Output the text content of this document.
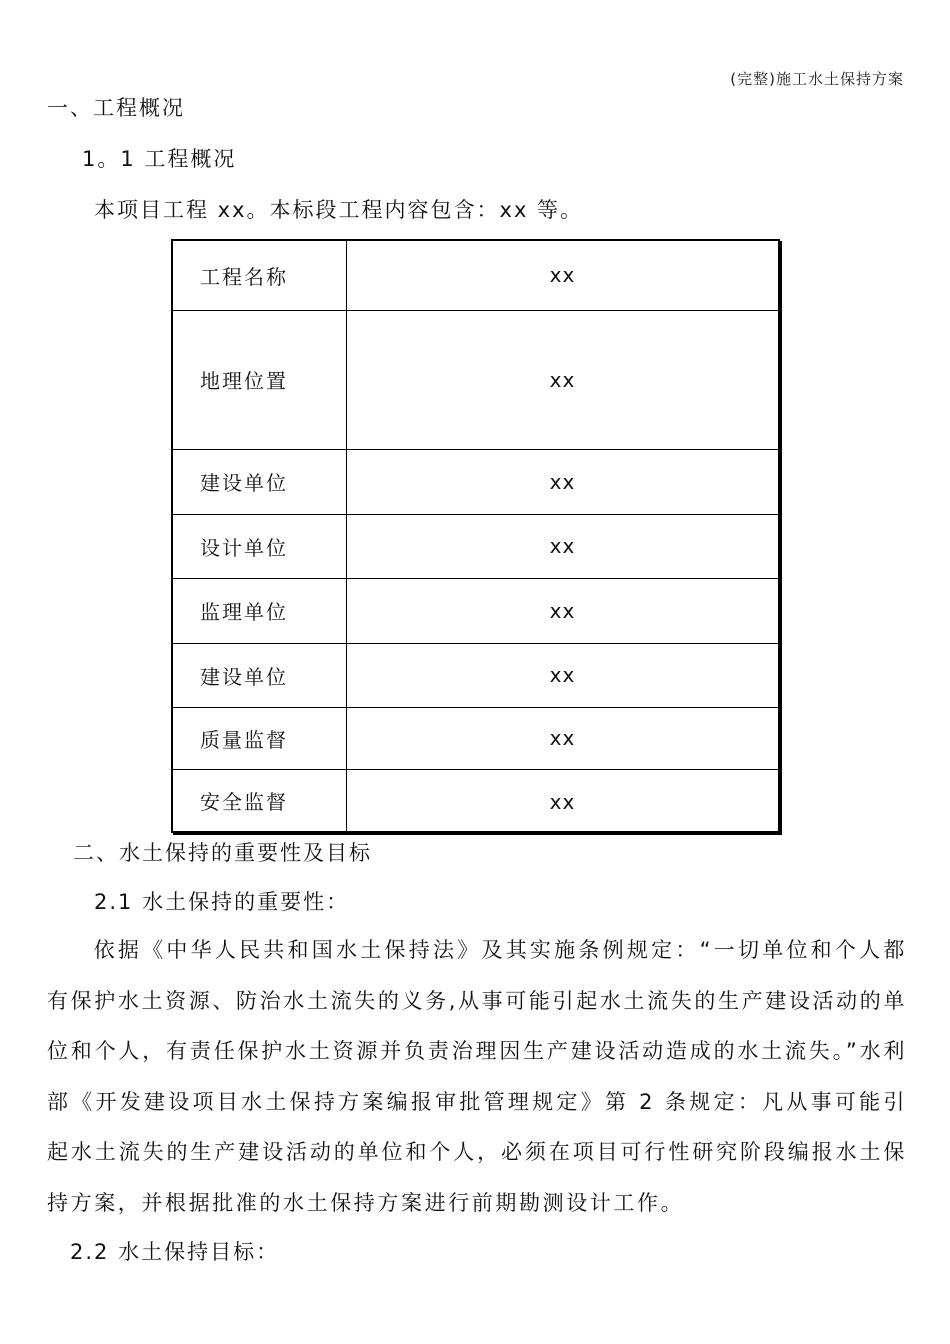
(完整)施工水土保持方案
一、工程概况
1。1 工程概况
本项目工程 xx。本标段工程内容包含：xx 等。
工程名称	xx
地理位置	xx
建设单位	xx
设计单位	xx
监理单位	xx
建设单位	xx
质量监督	xx
安全监督	xx
二、水土保持的重要性及目标
2.1 水土保持的重要性：
依据《中华人民共和国水土保持法》及其实施条例规定：“一切单位和个人都有保护水土资源、防治水土流失的义务,从事可能引起水土流失的生产建设活动的单位和个人，有责任保护水土资源并负责治理因生产建设活动造成的水土流失。”水利部《开发建设项目水土保持方案编报审批管理规定》第 2 条规定：凡从事可能引起水土流失的生产建设活动的单位和个人，必须在项目可行性研究阶段编报水土保持方案，并根据批准的水土保持方案进行前期勘测设计工作。
2.2 水土保持目标：
